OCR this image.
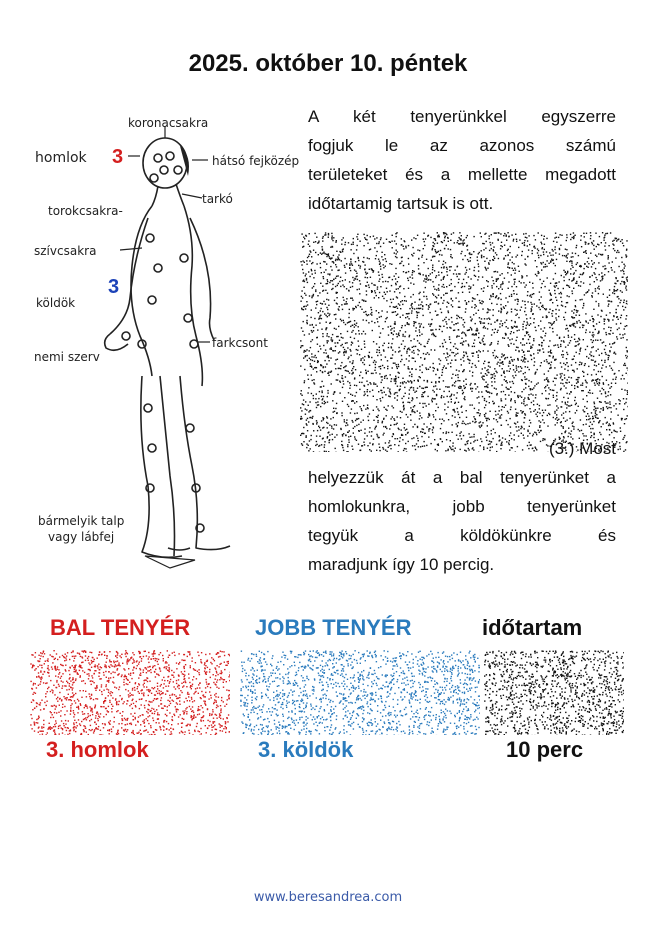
2025. október 10. péntek
koronacsakra
homlok 3	hátsó fejközép
tarkó
torokcsakra-
szívcsakra
köldök
3
farkcsont
nemi szerv
bármelyik talp
vagy lábfej
A két tenyerünkkel egyszerre
fogjuk le az azonos számú
területeket és a mellette megadott
időtartamig tartsuk is ott.
(3.) Most
helyezzük át a bal tenyerünket a
homlokunkra, jobb tenyerünket
tegyük a köldökünkre és
maradjunk így 10 percig.
BAL TENYÉR	JOBB TENYÉR	időtartam
3. homlok	3. köldök	10 perc
www.beresandrea.com
